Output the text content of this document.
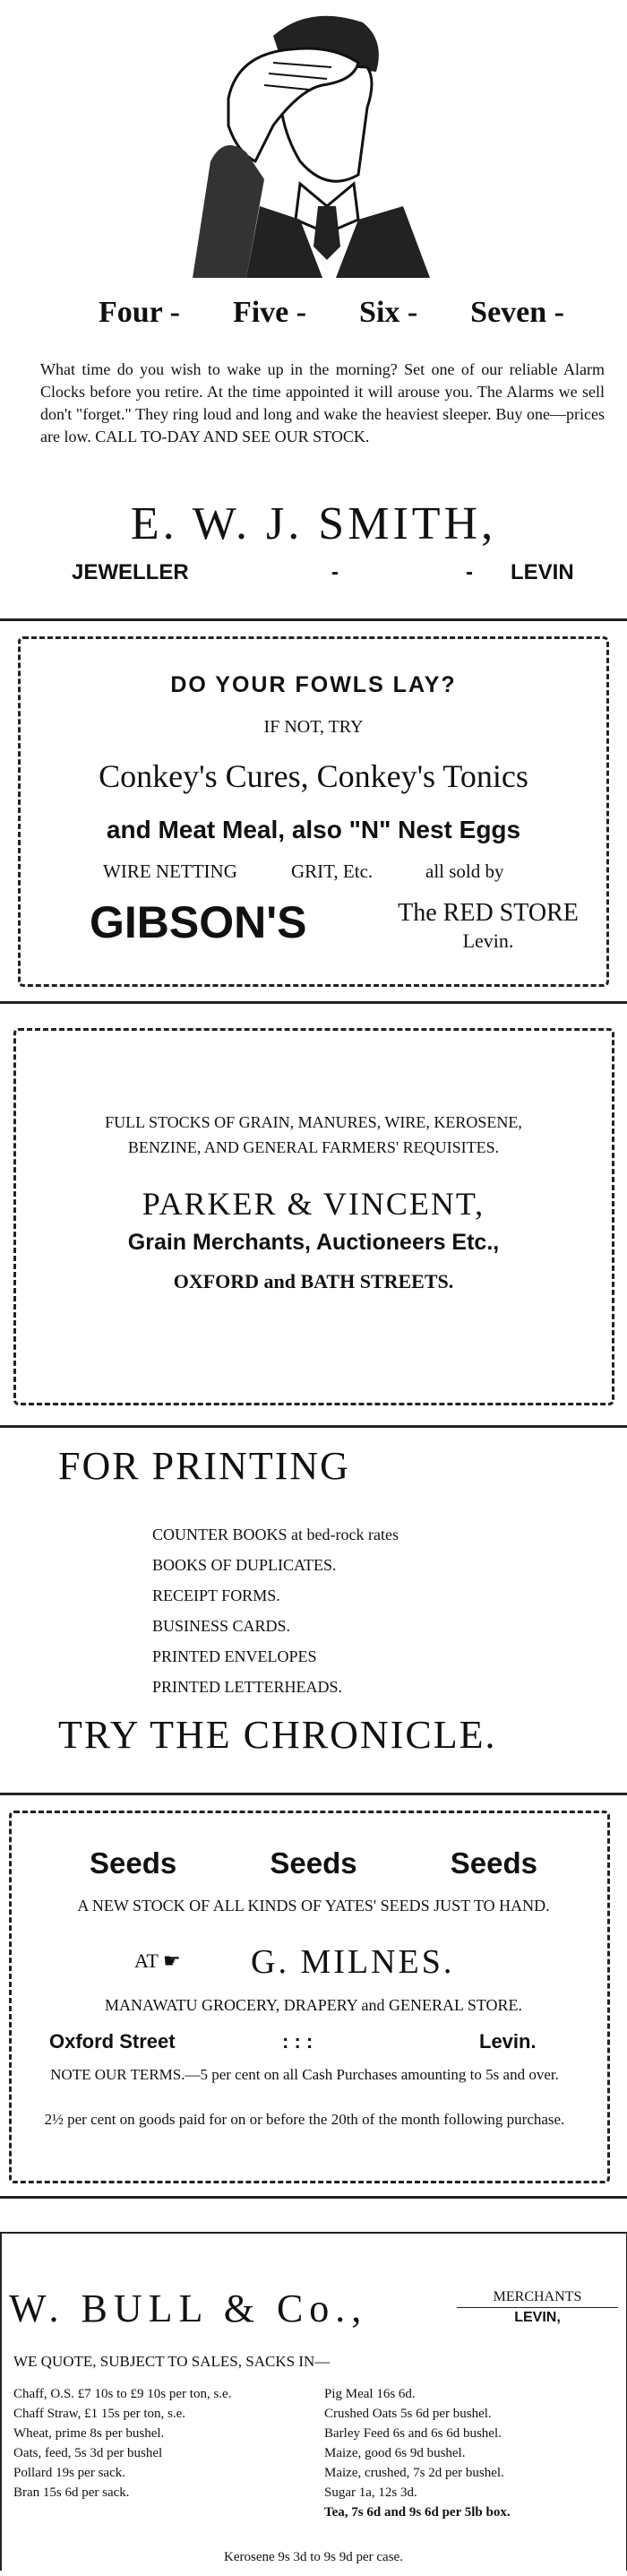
Four - Five - Six - Seven -

What time do you wish to wake up in the morning? Set one of our reliable Alarm Clocks before you retire. At the time appointed it will arouse you. The Alarms we sell don't "forget." They ring loud and long and wake the heaviest sleeper. Buy one—prices are low. CALL TO-DAY AND SEE OUR STOCK.

E. W. J. SMITH,
JEWELLER	-	- LEVIN
DO YOUR FOWLS LAY?
IF NOT, TRY
Conkey's Cures, Conkey's Tonics
and Meat Meal, also "N" Nest Eggs
WIRE NETTING	GRIT, Etc.	all sold by
GIBSON'S	The RED STORE
Levin.
FULL STOCKS OF GRAIN, MANURES, WIRE, KEROSENE,
BENZINE, AND GENERAL FARMERS' REQUISITES.
PARKER & VINCENT,
Grain Merchants, Auctioneers Etc.,
OXFORD and BATH STREETS.
FOR PRINTING
COUNTER BOOKS at bed-rock rates
BOOKS OF DUPLICATES.
RECEIPT FORMS.
BUSINESS CARDS.
PRINTED ENVELOPES
PRINTED LETTERHEADS.
TRY THE CHRONICLE.
Seeds	Seeds	Seeds
A NEW STOCK OF ALL KINDS OF YATES' SEEDS JUST TO HAND.
AT ☛ G. MILNES.
MANAWATU GROCERY, DRAPERY and GENERAL STORE.
Oxford Street	: : :	Levin.

NOTE OUR TERMS.—5 per cent on all Cash Purchases amounting to 5s and over.

2½ per cent on goods paid for on or before the 20th of the month following purchase.

W. BULL & Co.,	MERCHANTS
LEVIN,
WE QUOTE, SUBJECT TO SALES, SACKS IN—
Chaff, O.S. £7 10s to £9 10s per ton, s.e.
Chaff Straw, £1 15s per ton, s.e.
Wheat, prime 8s per bushel.
Oats, feed, 5s 3d per bushel
Pollard 19s per sack.
Bran 15s 6d per sack.
Pig Meal 16s 6d.
Crushed Oats 5s 6d per bushel.
Barley Feed 6s and 6s 6d bushel.
Maize, good 6s 9d bushel.
Maize, crushed, 7s 2d per bushel.
Sugar 1a, 12s 3d.
Tea, 7s 6d and 9s 6d per 5lb box.
Kerosene 9s 3d to 9s 9d per case.
